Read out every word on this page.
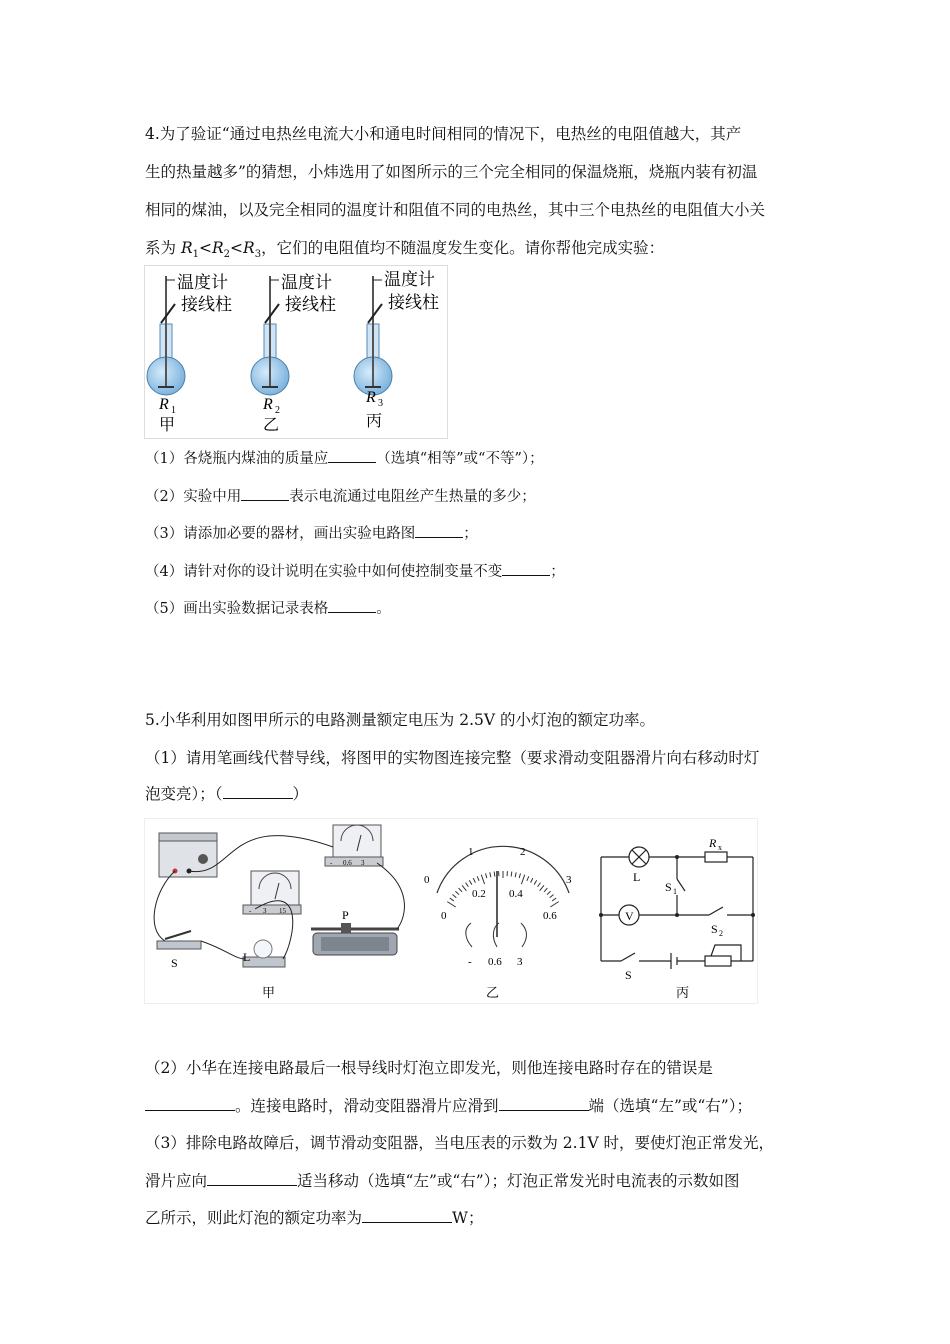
4.为了验证“通过电热丝电流大小和通电时间相同的情况下，电热丝的电阻值越大，其产
生的热量越多”的猜想，小炜选用了如图所示的三个完全相同的保温烧瓶，烧瓶内装有初温
相同的煤油，以及完全相同的温度计和阻值不同的电热丝，其中三个电热丝的电阻值大小关
系为 $R_1<R_2<R_3$，它们的电阻值均不随温度发生变化。请你帮他完成实验：
温度计
接线柱
温度计
接线柱
温度计
接线柱
R 1
甲
R 2
乙
R 3
丙
（1）各烧瓶内煤油的质量应	（选填“相等”或“不等”）；
（2）实验中用	表示电流通过电阻丝产生热量的多少；
（3）请添加必要的器材，画出实验电路图	；
（4）请针对你的设计说明在实验中如何使控制变量不变	；
（5）画出实验数据记录表格	。
5.小华利用如图甲所示的电路测量额定电压为 2.5V 的小灯泡的额定功率。
（1）请用笔画线代替导线，将图甲的实物图连接完整（要求滑动变阻器滑片向右移动时灯
泡变亮）；（	）
- 0.6 3
- 3 15
S	L
P
甲
0
1	2
3
0
0.2 0.4
0.6
- 0.6 3
乙
V
L
R x
S 1
S 2
S
丙
（2）小华在连接电路最后一根导线时灯泡立即发光，则他连接电路时存在的错误是
。连接电路时，滑动变阻器滑片应滑到	端（选填“左”或“右”）；
（3）排除电路故障后，调节滑动变阻器，当电压表的示数为 2.1V 时，要使灯泡正常发光，
滑片应向	适当移动（选填“左”或“右”）；灯泡正常发光时电流表的示数如图
乙所示，则此灯泡的额定功率为	W；
